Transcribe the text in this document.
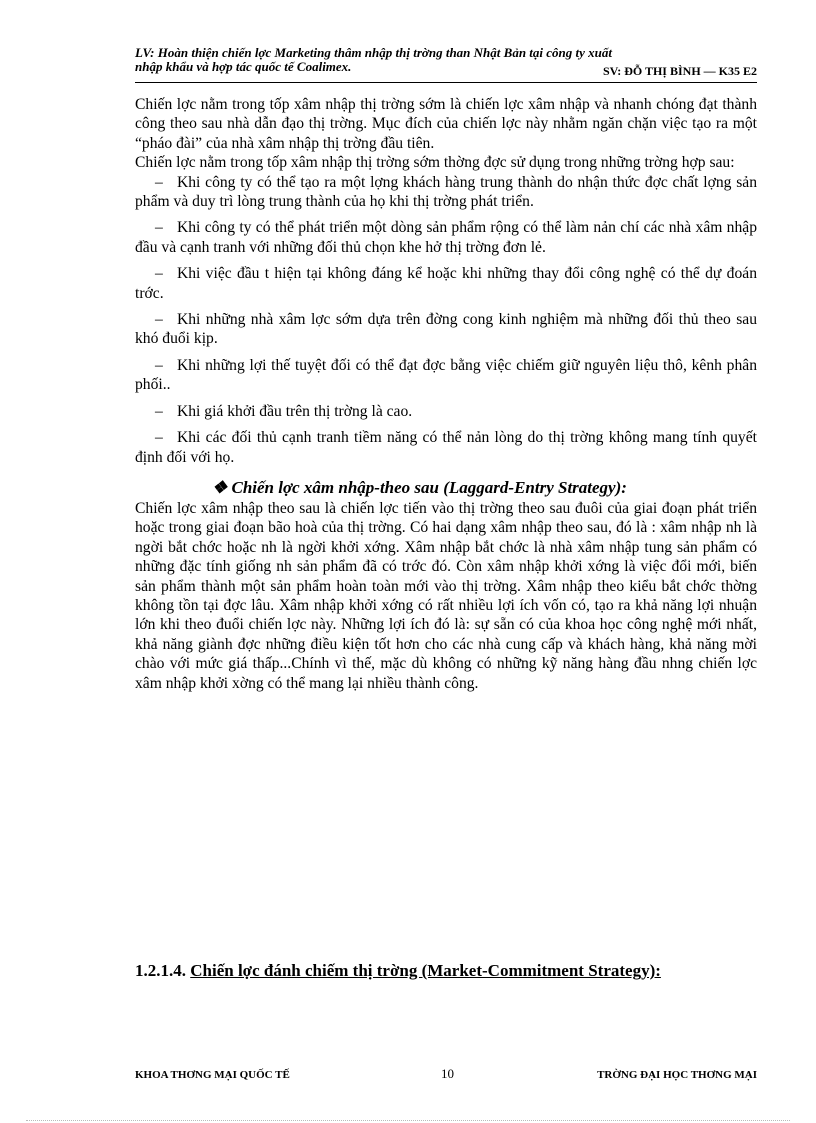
LV: Hoàn thiện chiến lợc Marketing thâm nhập thị trờng than Nhật Bản tại công ty xuất
nhập khẩu và hợp tác quốc tế Coalimex.	SV: ĐỖ THỊ BÌNH — K35 E2

Chiến lợc nằm trong tốp xâm nhập thị trờng sớm là chiến lợc xâm nhập và nhanh chóng đạt thành công theo sau nhà dẫn đạo thị trờng. Mục đích của chiến lợc này nhằm ngăn chặn việc tạo ra một “pháo đài” của nhà xâm nhập thị trờng đầu tiên.

Chiến lợc nằm trong tốp xâm nhập thị trờng sớm thờng đợc sử dụng trong những trờng hợp sau:

– Khi công ty có thể tạo ra một lợng khách hàng trung thành do nhận thức đợc chất lợng sản phẩm và duy trì lòng trung thành của họ khi thị trờng phát triển.

– Khi công ty có thể phát triển một dòng sản phẩm rộng có thể làm nản chí các nhà xâm nhập đầu và cạnh tranh với những đối thủ chọn khe hở thị trờng đơn lẻ.

– Khi việc đầu t hiện tại không đáng kể hoặc khi những thay đổi công nghệ có thể dự đoán trớc.

– Khi những nhà xâm lợc sớm dựa trên đờng cong kinh nghiệm mà những đối thủ theo sau khó đuổi kịp.

– Khi những lợi thế tuyệt đối có thể đạt đợc bằng việc chiếm giữ nguyên liệu thô, kênh phân phối..

– Khi giá khởi đầu trên thị trờng là cao.

– Khi các đối thủ cạnh tranh tiềm năng có thể nản lòng do thị trờng không mang tính quyết định đối với họ.

❖ Chiến lợc xâm nhập-theo sau (Laggard-Entry Strategy):

Chiến lợc xâm nhập theo sau là chiến lợc tiến vào thị trờng theo sau đuôi của giai đoạn phát triển hoặc trong giai đoạn bão hoà của thị trờng. Có hai dạng xâm nhập theo sau, đó là : xâm nhập nh là ngời bắt chớc hoặc nh là ngời khởi xớng. Xâm nhập bắt chớc là nhà xâm nhập tung sản phẩm có những đặc tính giống nh sản phẩm đã có trớc đó. Còn xâm nhập khởi xớng là việc đổi mới, biến sản phẩm thành một sản phẩm hoàn toàn mới vào thị trờng. Xâm nhập theo kiểu bắt chớc thờng không tồn tại đợc lâu. Xâm nhập khởi xớng có rất nhiều lợi ích vốn có, tạo ra khả năng lợi nhuận lớn khi theo đuổi chiến lợc này. Những lợi ích đó là: sự sẵn có của khoa học công nghệ mới nhất, khả năng giành đợc những điều kiện tốt hơn cho các nhà cung cấp và khách hàng, khả năng mời chào với mức giá thấp...Chính vì thế, mặc dù không có những kỹ năng hàng đầu nhng chiến lợc xâm nhập khởi xờng có thể mang lại nhiều thành công.

1.2.1.4. Chiến lợc đánh chiếm thị trờng (Market-Commitment Strategy):
KHOA THƠNG MẠI QUỐC TẾ	10	TRỜNG ĐẠI HỌC THƠNG MẠI
